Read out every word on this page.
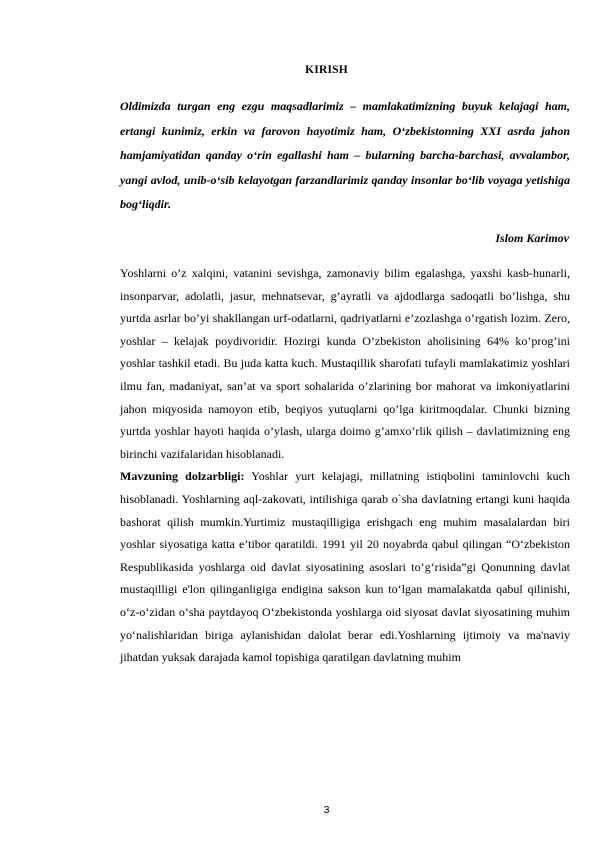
KIRISH
Oldimizda turgan eng ezgu maqsadlarimiz – mamlakatimizning buyuk kelajagi ham, ertangi kunimiz, erkin va farovon hayotimiz ham, O‘zbekistonning XXI asrda jahon hamjamiyatidan qanday o‘rin egallashi ham – bularning barcha-barchasi, avvalambor, yangi avlod, unib-o‘sib kelayotgan farzandlarimiz qanday insonlar bo‘lib voyaga yetishiga bog‘liqdir.
Islom Karimov

Yoshlarni o’z xalqini, vatanini sevishga, zamonaviy bilim egalashga, yaxshi kasb-hunarli, insonparvar, adolatli, jasur, mehnatsevar, g’ayratli va ajdodlarga sadoqatli bo’lishga, shu yurtda asrlar bo’yi shakllangan urf-odatlarni, qadriyatlarni e’zozlashga o’rgatish lozim. Zero, yoshlar – kelajak poydivoridir. Hozirgi kunda O’zbekiston aholisining 64% ko’prog’ini yoshlar tashkil etadi. Bu juda katta kuch. Mustaqillik sharofati tufayli mamlakatimiz yoshlari ilmu fan, madaniyat, san’at va sport sohalarida o’zlarining bor mahorat va imkoniyatlarini jahon miqyosida namoyon etib, beqiyos yutuqlarni qo’lga kiritmoqdalar. Chunki bizning yurtda yoshlar hayoti haqida o’ylash, ularga doimo g’amxo’rlik qilish – davlatimizning eng birinchi vazifalaridan hisoblanadi.

Mavzuning dolzarbligi: Yoshlar yurt kelajagi, millatning istiqbolini taminlovchi kuch hisoblanadi. Yoshlarning aql-zakovati, intilishiga qarab o`sha davlatning ertangi kuni haqida bashorat qilish mumkin.Yurtimiz mustaqilligiga erishgach eng muhim masalalardan biri yoshlar siyosatiga katta e’tibor qaratildi. 1991 yil 20 noyabrda qabul qilingan “O‘zbekiston Respublikasida yoshlarga oid davlat siyosatining asoslari to‘g‘risida”gi Qonunning davlat mustaqilligi e'lon qilinganligiga endigina sakson kun to‘lgan mamalakatda qabul qilinishi, o‘z-o‘zidan o‘sha paytdayoq O‘zbekistonda yoshlarga oid siyosat davlat siyosatining muhim yo‘nalishlaridan biriga aylanishidan dalolat berar edi.Yoshlarning ijtimoiy va ma'naviy jihatdan yuksak darajada kamol topishiga qaratilgan davlatning muhim

3
